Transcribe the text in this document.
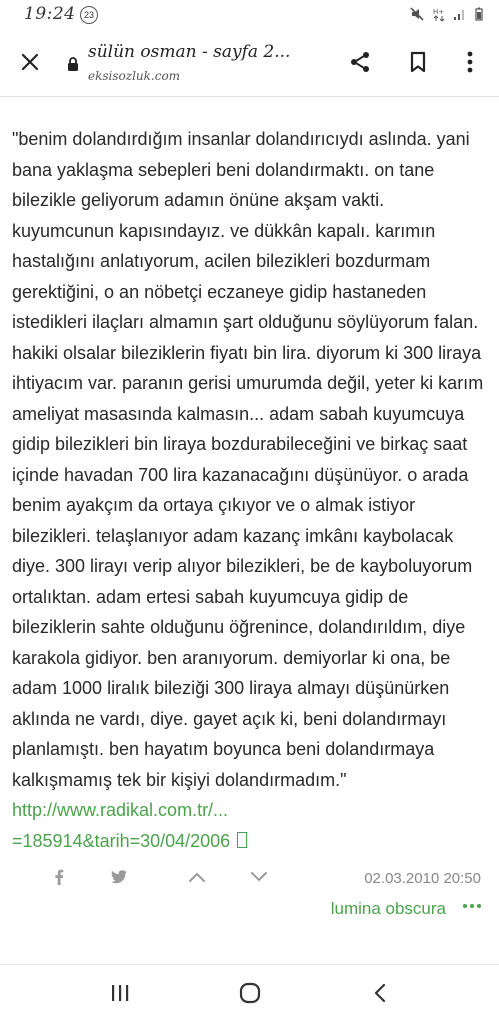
19:24 23	H+
sülün osman - sayfa 2...
eksisozluk.com

"benim dolandırdığım insanlar dolandırıcıydı aslında. yani bana yaklaşma sebepleri beni dolandırmaktı. on tane bilezikle geliyorum adamın önüne akşam vakti. kuyumcunun kapısındayız. ve dükkân kapalı. karımın hastalığını anlatıyorum, acilen bilezikleri bozdurmam gerektiğini, o an nöbetçi eczaneye gidip hastaneden istedikleri ilaçları almamın şart olduğunu söylüyorum falan. hakiki olsalar bileziklerin fiyatı bin lira. diyorum ki 300 liraya ihtiyacım var. paranın gerisi umurumda değil, yeter ki karım ameliyat masasında kalmasın... adam sabah kuyumcuya gidip bilezikleri bin liraya bozdurabileceğini ve birkaç saat içinde havadan 700 lira kazanacağını düşünüyor. o arada benim ayakçım da ortaya çıkıyor ve o almak istiyor bilezikleri. telaşlanıyor adam kazanç imkânı kaybolacak diye. 300 lirayı verip alıyor bilezikleri, be de kayboluyorum ortalıktan. adam ertesi sabah kuyumcuya gidip de bileziklerin sahte olduğunu öğrenince, dolandırıldım, diye karakola gidiyor. ben aranıyorum. demiyorlar ki ona, be adam 1000 liralık bileziği 300 liraya almayı düşünürken aklında ne vardı, diye. gayet açık ki, beni dolandırmayı planlamıştı. ben hayatım boyunca beni dolandırmaya kalkışmamış tek bir kişiyi dolandırmadım."

http://www.radikal.com.tr/...
=185914&tarih=30/04/2006
02.03.2010 20:50
lumina obscura
